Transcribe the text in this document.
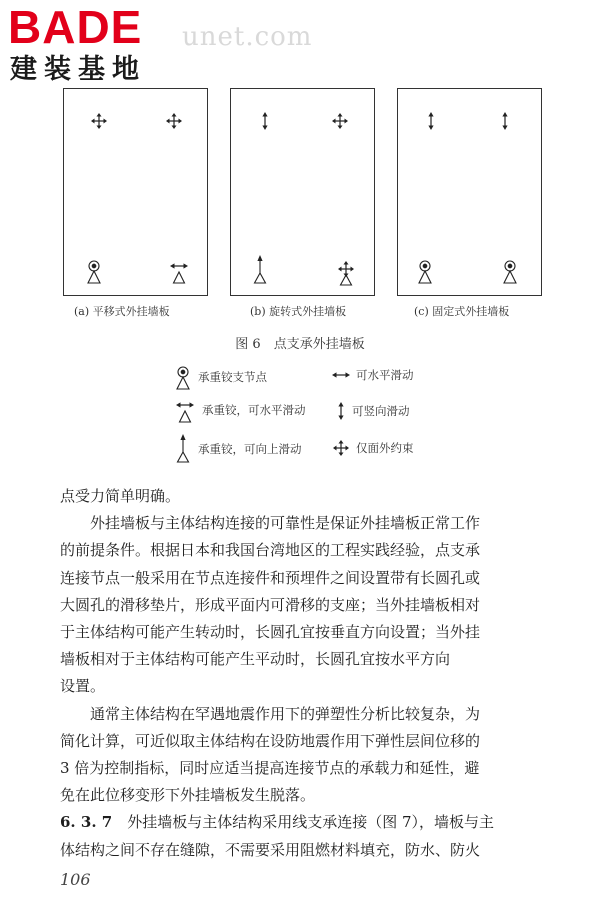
BADE
建装基地
unet.com
(a) 平移式外挂墙板	(b) 旋转式外挂墙板	(c) 固定式外挂墙板
图 6　点支承外挂墙板
承重铰支节点	可水平滑动
承重铰，可水平滑动	可竖向滑动
承重铰，可向上滑动	仅面外约束
点受力简单明确。
　　外挂墙板与主体结构连接的可靠性是保证外挂墙板正常工作
的前提条件。根据日本和我国台湾地区的工程实践经验，点支承
连接节点一般采用在节点连接件和预埋件之间设置带有长圆孔或
大圆孔的滑移垫片，形成平面内可滑移的支座；当外挂墙板相对
于主体结构可能产生转动时，长圆孔宜按垂直方向设置；当外挂
墙板相对于主体结构可能产生平动时，长圆孔宜按水平方向
设置。
　　通常主体结构在罕遇地震作用下的弹塑性分析比较复杂，为
简化计算，可近似取主体结构在设防地震作用下弹性层间位移的
3 倍为控制指标，同时应适当提高连接节点的承载力和延性，避
免在此位移变形下外挂墙板发生脱落。
6. 3. 7　外挂墙板与主体结构采用线支承连接（图 7），墙板与主
体结构之间不存在缝隙，不需要采用阻燃材料填充，防水、防火
106
